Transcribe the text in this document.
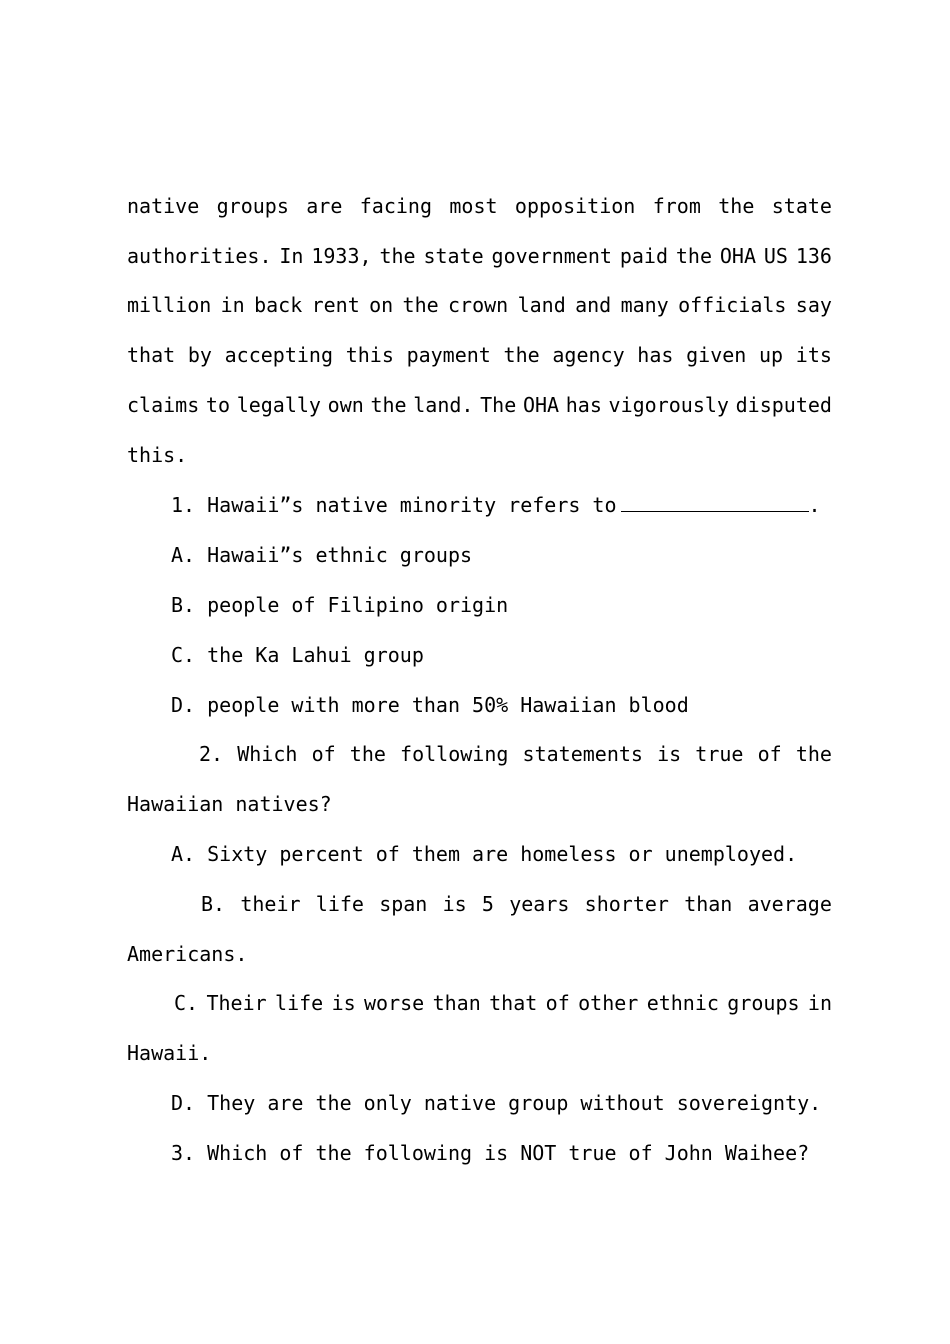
native groups are facing most opposition from the state
authorities. In 1933, the state government paid the OHA US 136
million in back rent on the crown land and many officials say
that by accepting this payment the agency has given up its
claims to legally own the land. The OHA has vigorously disputed
this.
1. Hawaii”s native minority refers to	.
A. Hawaii”s ethnic groups
B. people of Filipino origin
C. the Ka Lahui group
D. people with more than 50% Hawaiian blood
2. Which of the following statements is true of the
Hawaiian natives?
A. Sixty percent of them are homeless or unemployed.
B. their life span is 5 years shorter than average
Americans.
C. Their life is worse than that of other ethnic groups in
Hawaii.
D. They are the only native group without sovereignty.
3. Which of the following is NOT true of John Waihee?
